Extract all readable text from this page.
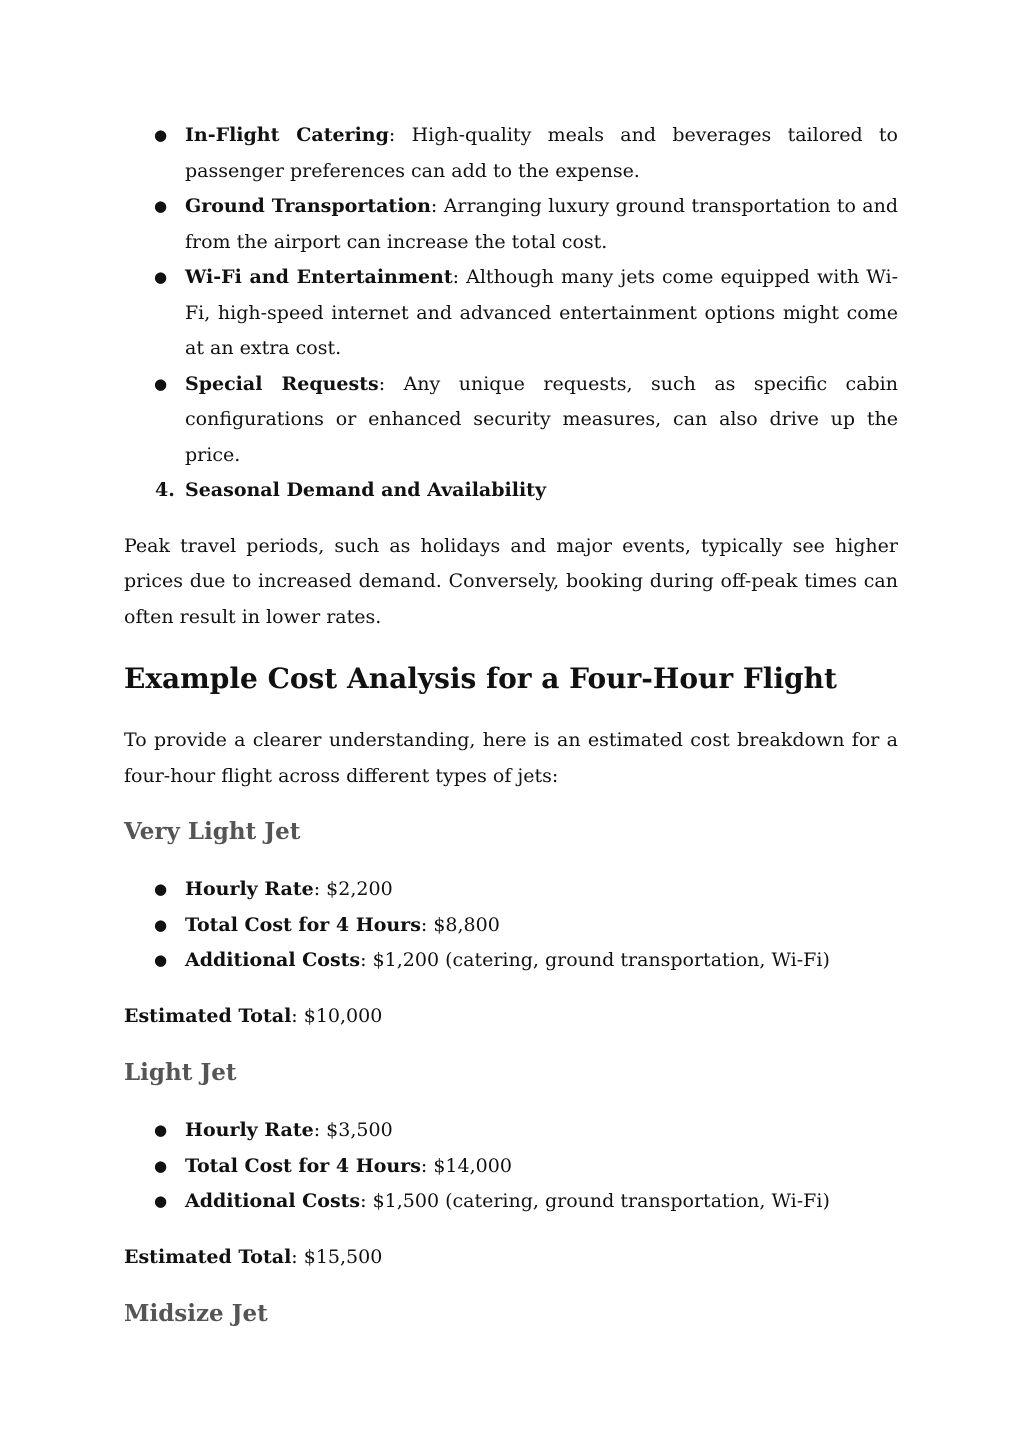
● In-Flight Catering: High-quality meals and beverages tailored to passenger preferences can add to the expense.
● Ground Transportation: Arranging luxury ground transportation to and from the airport can increase the total cost.
● Wi-Fi and Entertainment: Although many jets come equipped with Wi-Fi, high-speed internet and advanced entertainment options might come at an extra cost.
● Special Requests: Any unique requests, such as specific cabin configurations or enhanced security measures, can also drive up the price.
4. Seasonal Demand and Availability

Peak travel periods, such as holidays and major events, typically see higher prices due to increased demand. Conversely, booking during off-peak times can often result in lower rates.

Example Cost Analysis for a Four-Hour Flight

To provide a clearer understanding, here is an estimated cost breakdown for a four-hour flight across different types of jets:

Very Light Jet
● Hourly Rate: $2,200
● Total Cost for 4 Hours: $8,800
● Additional Costs: $1,200 (catering, ground transportation, Wi-Fi)

Estimated Total: $10,000

Light Jet
● Hourly Rate: $3,500
● Total Cost for 4 Hours: $14,000
● Additional Costs: $1,500 (catering, ground transportation, Wi-Fi)

Estimated Total: $15,500

Midsize Jet
